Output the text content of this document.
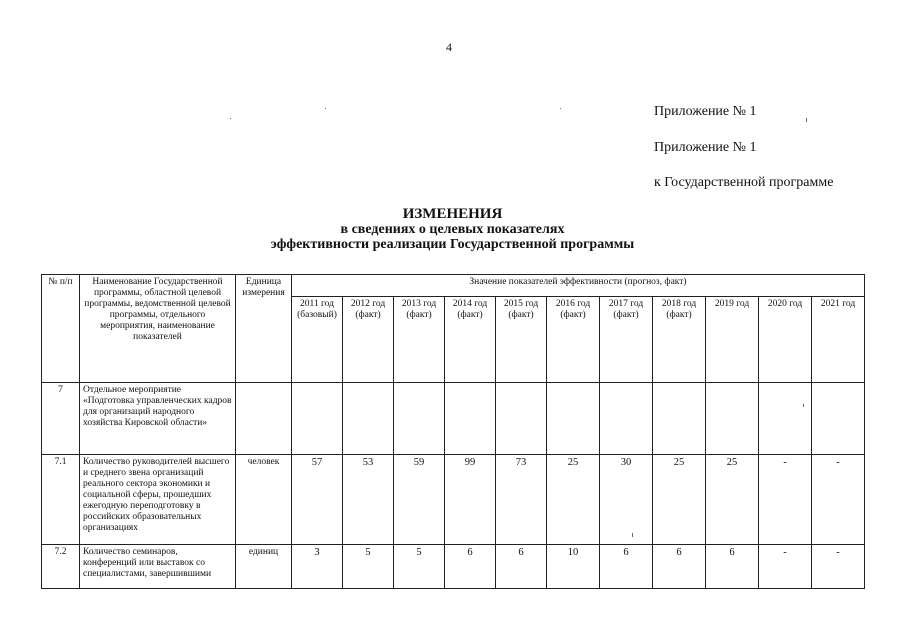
4
Приложение № 1
Приложение № 1
к Государственной программе
ИЗМЕНЕНИЯ
в сведениях о целевых показателях
эффективности реализации Государственной программы
№ п/п	Наименование Государственной программы, областной целевой программы, ведомственной целевой программы, отдельного мероприятия, наименование показателей	Единица измерения	Значение показателей эффективности (прогноз, факт)										
			2011 год (базовый)	2012 год (факт)	2013 год (факт)	2014 год (факт)	2015 год (факт)	2016 год (факт)	2017 год (факт)	2018 год (факт)	2019 год	2020 год	2021 год
7	Отдельное мероприятие «Подготовка управленческих кадров для организаций народного хозяйства Кировской области»												
7.1	Количество руководителей высшего и среднего звена организаций реального сектора экономики и социальной сферы, прошедших ежегодную переподготовку в российских образовательных организациях	человек	57	53	59	99	73	25	30	25	25	-	-
7.2	Количество семинаров, конференций или выставок со специалистами, завершившими	единиц	3	5	5	6	6	10	6	6	6	-	-
